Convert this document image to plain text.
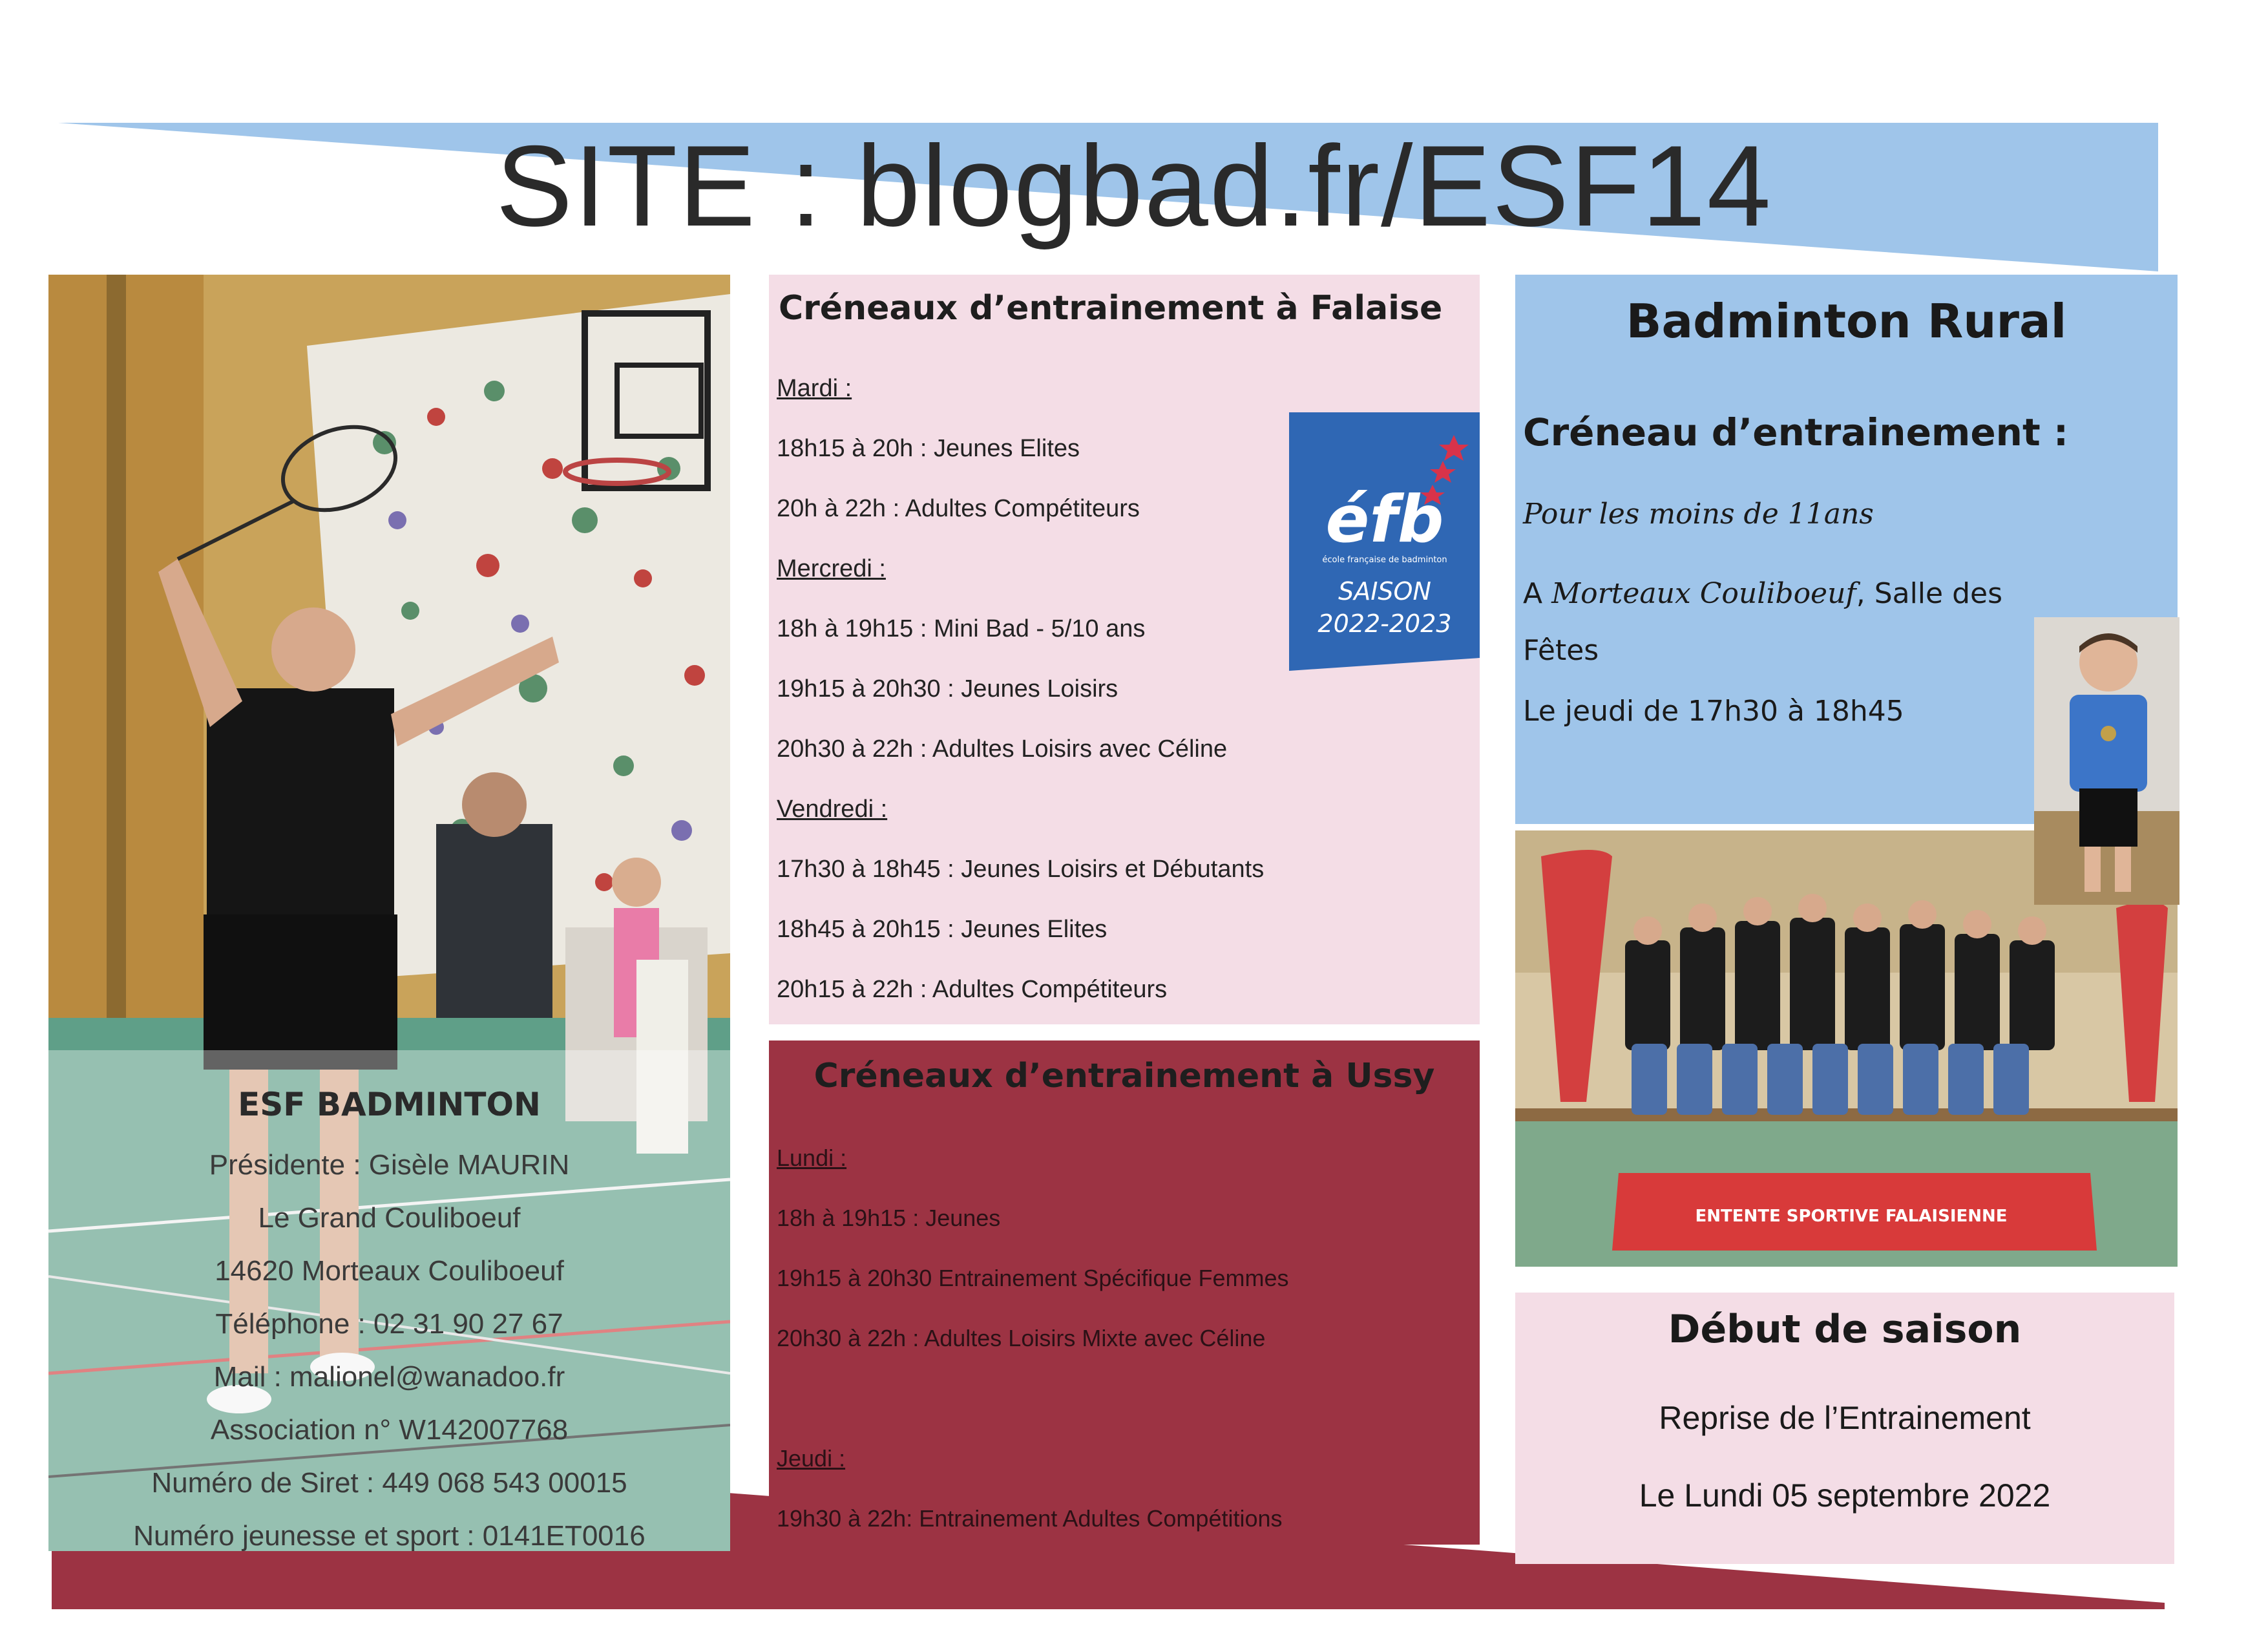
SITE : blogbad.fr/ESF14
ESF BADMINTON
Présidente : Gisèle MAURIN
Le Grand Couliboeuf
14620 Morteaux Couliboeuf
Téléphone : 02 31 90 27 67
Mail : malionel@wanadoo.fr
Association n° W142007768
Numéro de Siret : 449 068 543 00015
Numéro jeunesse et sport : 0141ET0016
Créneaux d’entrainement à Falaise
Mardi :
18h15 à 20h : Jeunes Elites
20h à 22h : Adultes Compétiteurs
Mercredi :
18h à 19h15 : Mini Bad - 5/10 ans
19h15 à 20h30 : Jeunes Loisirs
20h30 à 22h : Adultes Loisirs avec Céline
Vendredi :
17h30 à 18h45 : Jeunes Loisirs et Débutants
18h45 à 20h15 : Jeunes Elites
20h15 à 22h : Adultes Compétiteurs
éfb
école française de badminton
SAISON
2022-2023
Créneaux d’entrainement à Ussy
Lundi :
18h à 19h15 : Jeunes
19h15 à 20h30 Entrainement Spécifique Femmes
20h30 à 22h : Adultes Loisirs Mixte avec Céline
Jeudi :
19h30 à 22h: Entrainement Adultes Compétitions
Badminton Rural
Créneau d’entrainement :
Pour les moins de 11ans
A Morteaux Couliboeuf, Salle des Fêtes
Le jeudi de 17h30 à 18h45
ENTENTE SPORTIVE FALAISIENNE
Début de saison
Reprise de l’Entrainement
Le Lundi 05 septembre 2022
